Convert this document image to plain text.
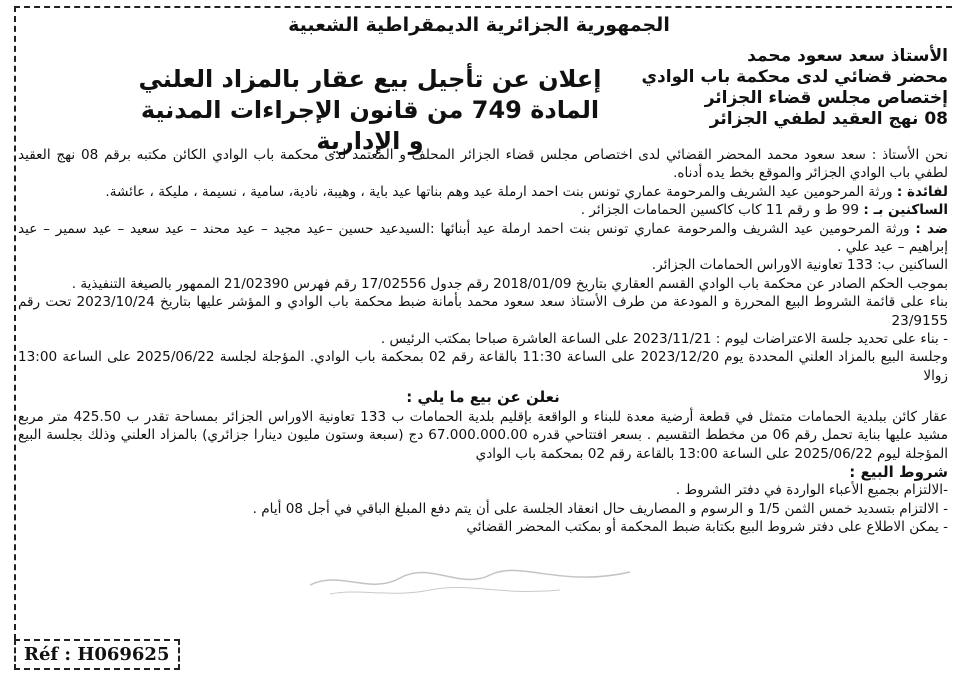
الجمهورية الجزائرية الديمقراطية الشعبية
الأستاذ سعد سعود محمد
محضر قضائي لدى محكمة باب الوادي
إختصاص مجلس قضاء الجزائر
08 نهج العقيد لطفي الجزائر
إعلان عن تأجيل بيع عقار بالمزاد العلني
المادة 749 من قانون الإجراءات المدنية و الإدارية

نحن الأستاذ : سعد سعود محمد المحضر القضائي لدى اختصاص مجلس قضاء الجزائر المحلف و المعتمد لدى محكمة باب الوادي الكائن مكتبه برقم 08 نهج العقيد لطفي باب الوادي الجزائر والموقع بخط يده أدناه.

لفائدة : ورثة المرحومين عيد الشريف والمرحومة عماري تونس بنت احمد ارملة عيد وهم بناتها عيد باية ، وهيبة، نادية، سامية ، نسيمة ، مليكة ، عائشة.

الساكنين بـ : 99 ط و رقم 11 كاب كاكسين الحمامات الجزائر .

ضد : ورثة المرحومين عيد الشريف والمرحومة عماري تونس بنت احمد ارملة عيد أبنائها :السيدعيد حسين –عيد مجيد – عيد محند – عيد سعيد – عيد سمير – عيد إبراهيم – عيد علي .

الساكنين ب: 133 تعاونية الاوراس الحمامات الجزائر.

بموجب الحكم الصادر عن محكمة باب الوادي القسم العقاري بتاريخ 2018/01/09 رقم جدول 17/02556 رقم فهرس 21/02390 الممهور بالصيغة التنفيذية .

بناء على قائمة الشروط البيع المحررة و المودعة من طرف الأستاذ سعد سعود محمد بأمانة ضبط محكمة باب الوادي و المؤشر عليها بتاريخ 2023/10/24 تحت رقم 23/9155

- بناء على تحديد جلسة الاعتراضات ليوم : 2023/11/21 على الساعة العاشرة صباحا بمكتب الرئيس .

وجلسة البيع بالمزاد العلني المحددة يوم 2023/12/20 على الساعة 11:30 بالقاعة رقم 02 بمحكمة باب الوادي. المؤجلة لجلسة 2025/06/22 على الساعة 13:00 زوالا

نعلن عن بيع ما يلي :

عقار كائن ببلدية الحمامات متمثل في قطعة أرضية معدة للبناء و الواقعة بإقليم بلدية الحمامات ب 133 تعاونية الاوراس الجزائر بمساحة تقدر ب 425.50 متر مربع مشيد عليها بناية تحمل رقم 06 من مخطط التقسيم . بسعر افتتاحي قدره 67.000.000.00 دج (سبعة وستون مليون دينارا جزائري) بالمزاد العلني وذلك بجلسة البيع المؤجلة ليوم 2025/06/22 على الساعة 13:00 بالقاعة رقم 02 بمحكمة باب الوادي

شروط البيع :

-الالتزام بجميع الأعباء الواردة في دفتر الشروط .

- الالتزام بتسديد خمس الثمن 1/5 و الرسوم و المصاريف حال انعقاد الجلسة على أن يتم دفع المبلغ الباقي في أجل 08 أيام .

- يمكن الاطلاع على دفتر شروط البيع بكتابة ضبط المحكمة أو بمكتب المحضر القضائي

Réf : H069625
